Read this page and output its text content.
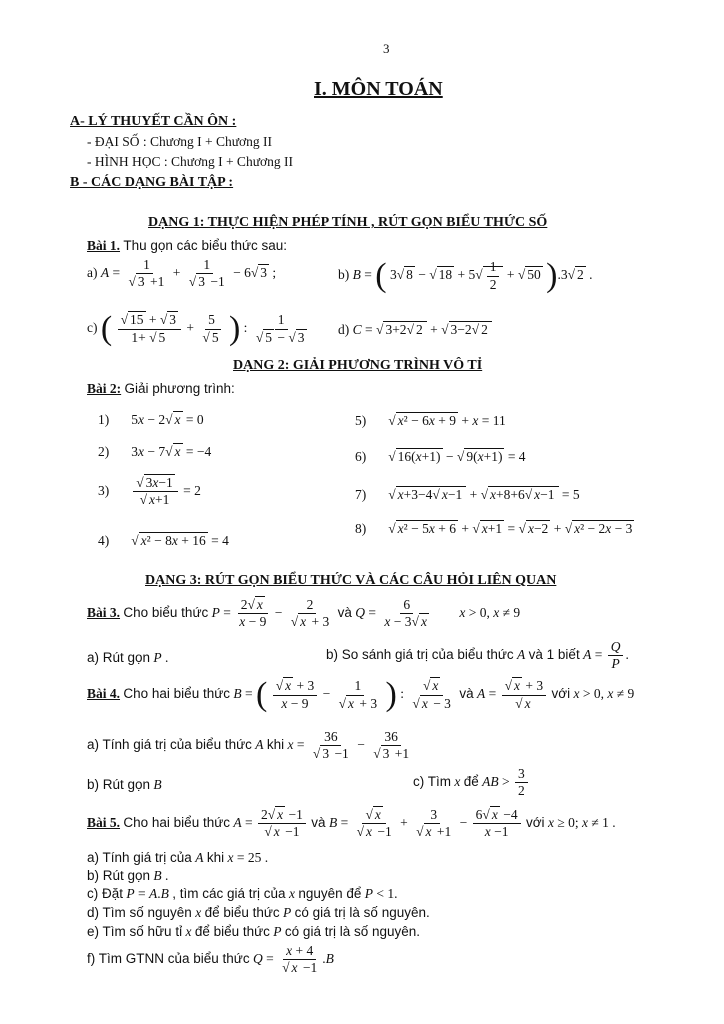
3
I. MÔN TOÁN
A- LÝ THUYẾT CẦN ÔN :
- ĐẠI SỐ : Chương I + Chương II
- HÌNH HỌC : Chương I + Chương II
B - CÁC DẠNG BÀI TẬP :
DẠNG 1: THỰC HIỆN PHÉP TÍNH , RÚT GỌN BIỂU THỨC SỐ
Bài 1. Thu gọn các biểu thức sau:
a) $A = \frac{1}{√ 3 +1} + \frac{1}{√ 3 -1} - 6√$ 3 ;	b) B = ( 3√ 8 − √ $18 + 5√ \frac{1}{2}$ + √ 50 ).3√ 2 .
c) ( $\frac{√ 15 + √ 3}{1+ √ 5} + \frac{5}{√ 5}$ ) : $\frac{1}{√ 5 - √ 3} d$) C = √ 3+2√ 2 + √ 3−2√ 2
DẠNG 2: GIẢI PHƯƠNG TRÌNH VÔ TỈ
Bài 2: Giải phương trình:
1) 5x − 2√ x = 0
2) 3x − 7√ x = −4
$3) \frac{√ 3x-1}{√ x+1} = 2$
4) √ x² − 8x + 16 = 4
5) √ x² − 6x + 9 + x = 11
6) √ 16(x+1) − √ 9(x+1) = 4
7) √ x+3−4√ x−1 + √ x+8+6√ x−1 = 5
8) √ x² − 5x + 6 + √ x+1 = √ x−2 + √ x² − 2x − 3
DẠNG 3: RÚT GỌN BIỂU THỨC VÀ CÁC CÂU HỎI LIÊN QUAN
Bài 3. Cho biểu thức $P = \frac{2√ x}{x - 9} - \frac{2}{√ x + 3}$ và $Q = \frac{6}{x - 3√ x}$ x > 0, x ≠ 9
a) Rút gọn P .	b) So sánh giá trị của biểu thức A và 1 biết $A = \frac{Q}{P}$ .
Bài 4. Cho hai biểu thức B = ( $\frac{√ x + 3}{x - 9} - \frac{1}{√ x + 3}$ ) : $\frac{√ x}{√ x - 3}$ và $A = \frac{√ x + 3}{√ x}$ với x > 0, x ≠ 9
a) Tính giá trị của biểu thức A khi $x = \frac{36}{√ 3 -1} - \frac{36}{√ 3 +1}$
b) Rút gọn B	c) Tìm x để AB > $\frac{3}{2}$
Bài 5. Cho hai biểu thức $A = \frac{2√ x -1}{√ x -1}$ và $B = \frac{√ x}{√ x -1} + \frac{3}{√ x +1} - \frac{6√ x -4}{x -1}$ với x ≥ 0; x ≠ 1 .
a) Tính giá trị của A khi x = 25 .
b) Rút gọn B .
c) Đặt P = A.B , tìm các giá trị của x nguyên để P < 1.
d) Tìm số nguyên x để biểu thức P có giá trị là số nguyên.
e) Tìm số hữu tỉ x để biểu thức P có giá trị là số nguyên.
f) Tìm GTNN của biểu thức $Q = \frac{x + 4}{√ x -1} .B$
